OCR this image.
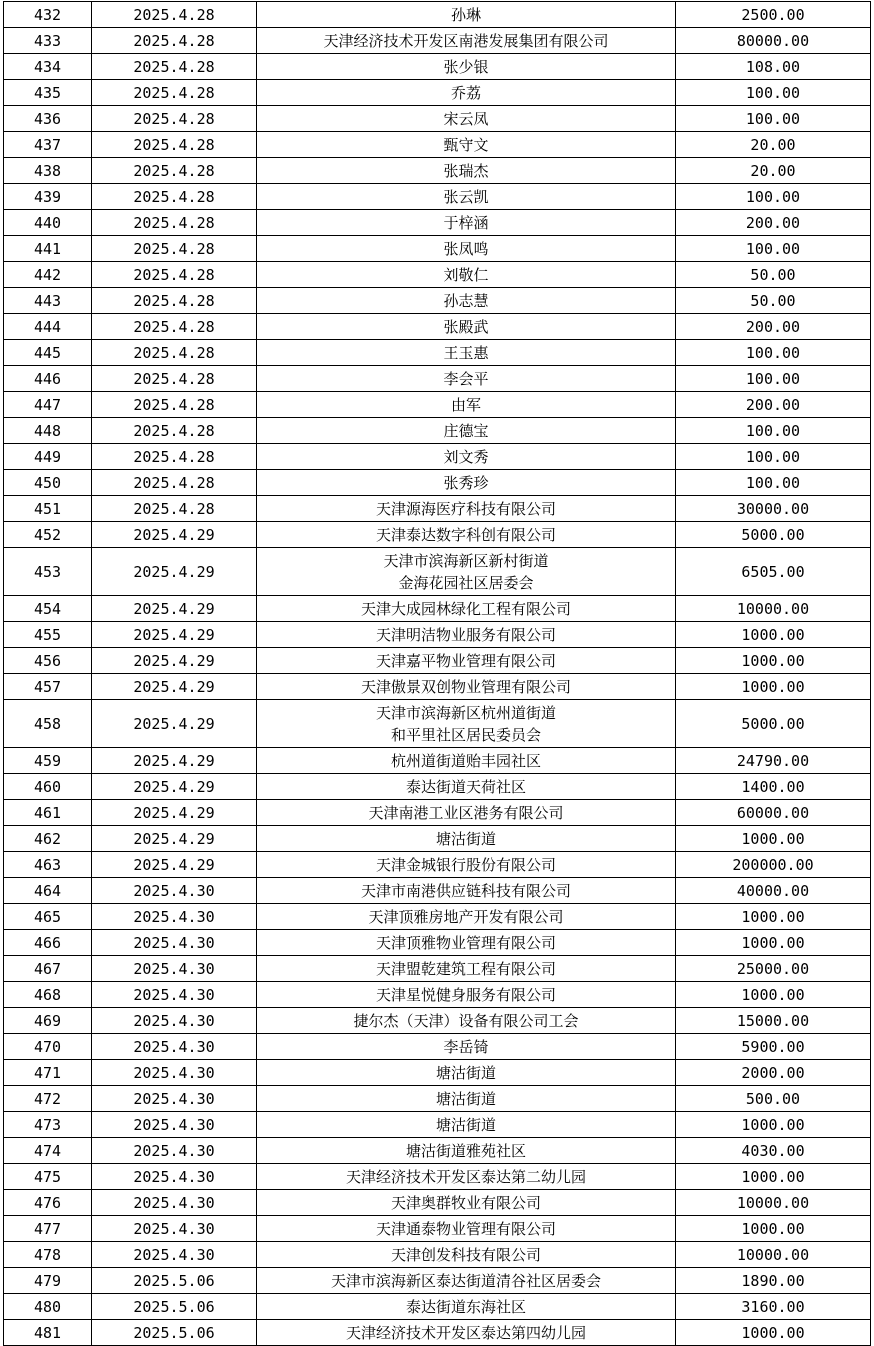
432	2025.4.28	孙琳	2500.00
433	2025.4.28	天津经济技术开发区南港发展集团有限公司	80000.00
434	2025.4.28	张少银	108.00
435	2025.4.28	乔荔	100.00
436	2025.4.28	宋云凤	100.00
437	2025.4.28	甄守文	20.00
438	2025.4.28	张瑞杰	20.00
439	2025.4.28	张云凯	100.00
440	2025.4.28	于梓涵	200.00
441	2025.4.28	张凤鸣	100.00
442	2025.4.28	刘敬仁	50.00
443	2025.4.28	孙志慧	50.00
444	2025.4.28	张殿武	200.00
445	2025.4.28	王玉惠	100.00
446	2025.4.28	李会平	100.00
447	2025.4.28	由军	200.00
448	2025.4.28	庄德宝	100.00
449	2025.4.28	刘文秀	100.00
450	2025.4.28	张秀珍	100.00
451	2025.4.28	天津源海医疗科技有限公司	30000.00
452	2025.4.29	天津泰达数字科创有限公司	5000.00
453	2025.4.29	天津市滨海新区新村街道
金海花园社区居委会	6505.00
454	2025.4.29	天津大成园林绿化工程有限公司	10000.00
455	2025.4.29	天津明洁物业服务有限公司	1000.00
456	2025.4.29	天津嘉平物业管理有限公司	1000.00
457	2025.4.29	天津傲景双创物业管理有限公司	1000.00
458	2025.4.29	天津市滨海新区杭州道街道
和平里社区居民委员会	5000.00
459	2025.4.29	杭州道街道贻丰园社区	24790.00
460	2025.4.29	泰达街道天荷社区	1400.00
461	2025.4.29	天津南港工业区港务有限公司	60000.00
462	2025.4.29	塘沽街道	1000.00
463	2025.4.29	天津金城银行股份有限公司	200000.00
464	2025.4.30	天津市南港供应链科技有限公司	40000.00
465	2025.4.30	天津顶雅房地产开发有限公司	1000.00
466	2025.4.30	天津顶雅物业管理有限公司	1000.00
467	2025.4.30	天津盟乾建筑工程有限公司	25000.00
468	2025.4.30	天津星悦健身服务有限公司	1000.00
469	2025.4.30	捷尔杰（天津）设备有限公司工会	15000.00
470	2025.4.30	李岳锜	5900.00
471	2025.4.30	塘沽街道	2000.00
472	2025.4.30	塘沽街道	500.00
473	2025.4.30	塘沽街道	1000.00
474	2025.4.30	塘沽街道雅苑社区	4030.00
475	2025.4.30	天津经济技术开发区泰达第二幼儿园	1000.00
476	2025.4.30	天津奥群牧业有限公司	10000.00
477	2025.4.30	天津通泰物业管理有限公司	1000.00
478	2025.4.30	天津创发科技有限公司	10000.00
479	2025.5.06	天津市滨海新区泰达街道清谷社区居委会	1890.00
480	2025.5.06	泰达街道东海社区	3160.00
481	2025.5.06	天津经济技术开发区泰达第四幼儿园	1000.00
